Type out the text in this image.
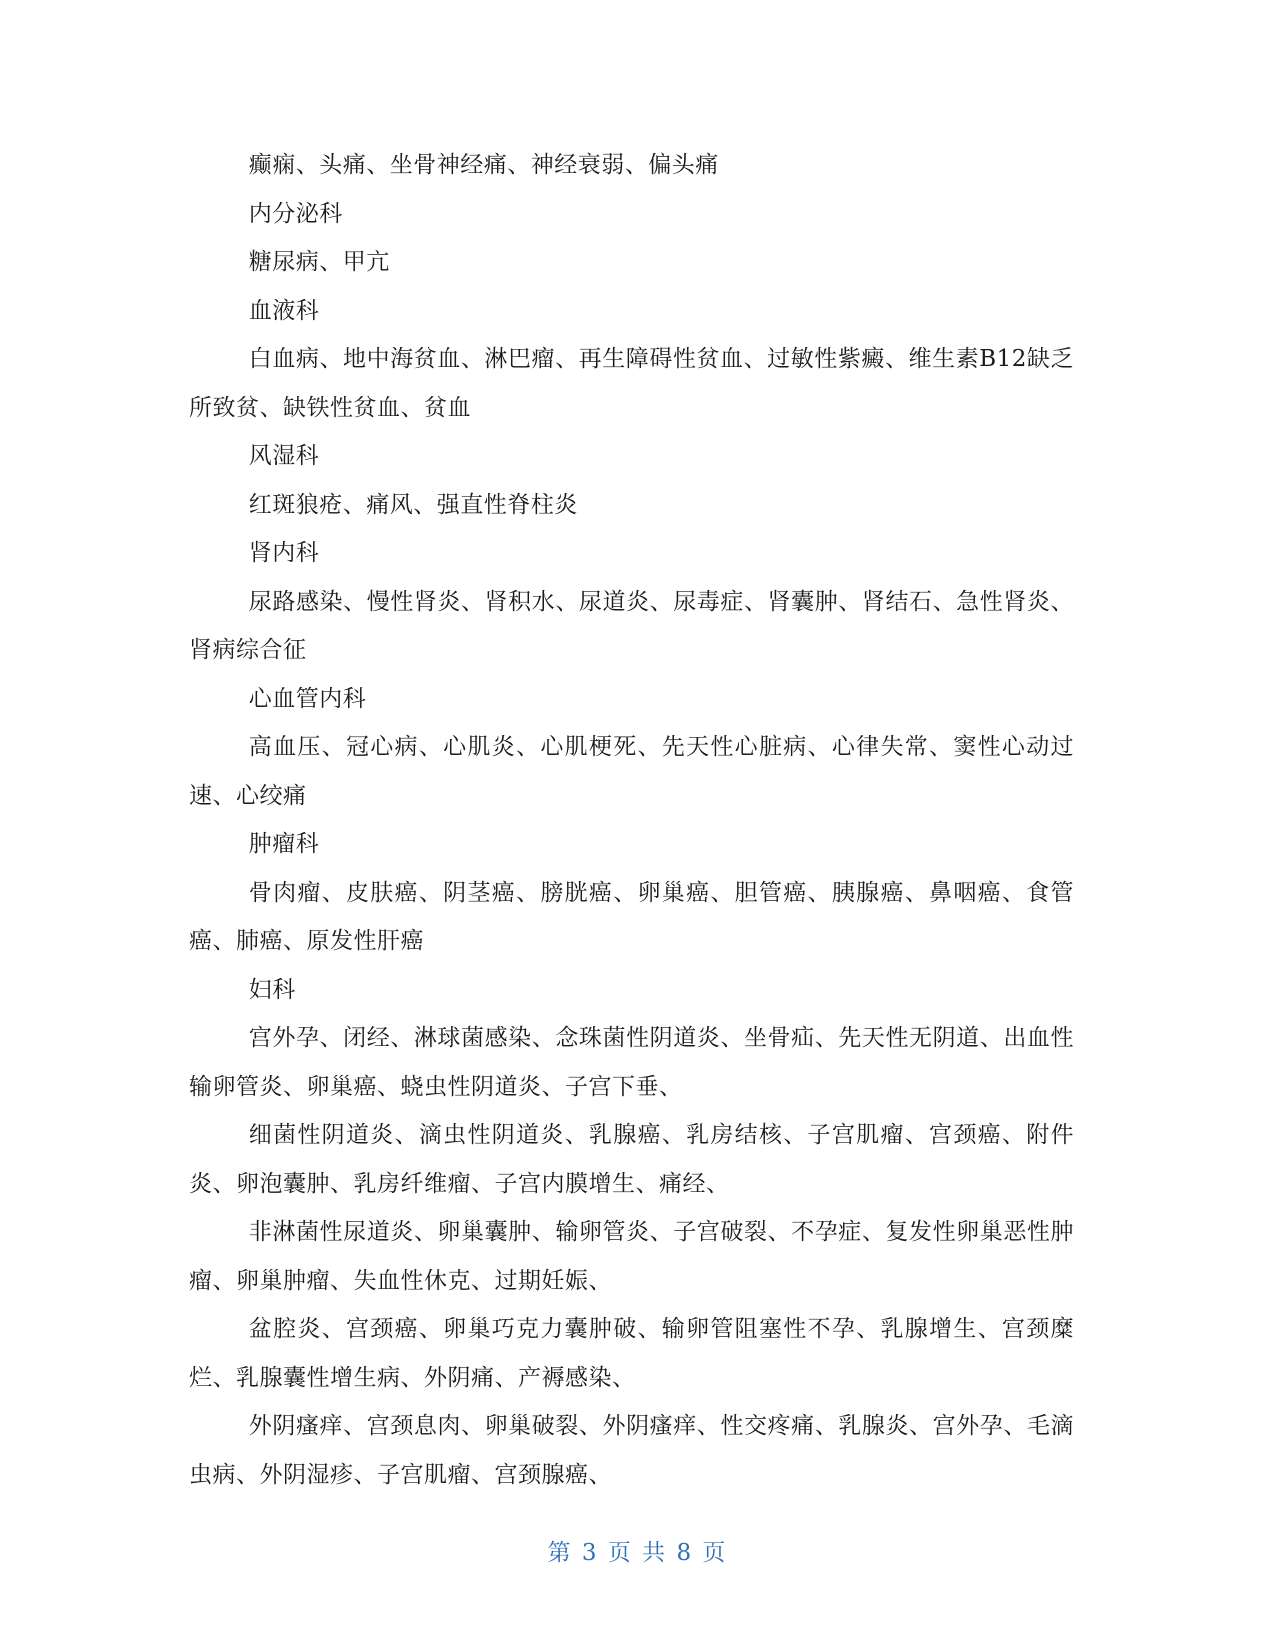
癫痫、头痛、坐骨神经痛、神经衰弱、偏头痛

内分泌科

糖尿病、甲亢

血液科

白血病、地中海贫血、淋巴瘤、再生障碍性贫血、过敏性紫癜、维生素B12缺乏所致贫、缺铁性贫血、贫血

风湿科

红斑狼疮、痛风、强直性脊柱炎

肾内科

尿路感染、慢性肾炎、肾积水、尿道炎、尿毒症、肾囊肿、肾结石、急性肾炎、肾病综合征

心血管内科

高血压、冠心病、心肌炎、心肌梗死、先天性心脏病、心律失常、窦性心动过速、心绞痛

肿瘤科

骨肉瘤、皮肤癌、阴茎癌、膀胱癌、卵巢癌、胆管癌、胰腺癌、鼻咽癌、食管癌、肺癌、原发性肝癌

妇科

宫外孕、闭经、淋球菌感染、念珠菌性阴道炎、坐骨疝、先天性无阴道、出血性输卵管炎、卵巢癌、蛲虫性阴道炎、子宫下垂、

细菌性阴道炎、滴虫性阴道炎、乳腺癌、乳房结核、子宫肌瘤、宫颈癌、附件炎、卵泡囊肿、乳房纤维瘤、子宫内膜增生、痛经、

非淋菌性尿道炎、卵巢囊肿、输卵管炎、子宫破裂、不孕症、复发性卵巢恶性肿瘤、卵巢肿瘤、失血性休克、过期妊娠、

盆腔炎、宫颈癌、卵巢巧克力囊肿破、输卵管阻塞性不孕、乳腺增生、宫颈糜烂、乳腺囊性增生病、外阴痛、产褥感染、

外阴瘙痒、宫颈息肉、卵巢破裂、外阴瘙痒、性交疼痛、乳腺炎、宫外孕、毛滴虫病、外阴湿疹、子宫肌瘤、宫颈腺癌、

第 3 页 共 8 页
